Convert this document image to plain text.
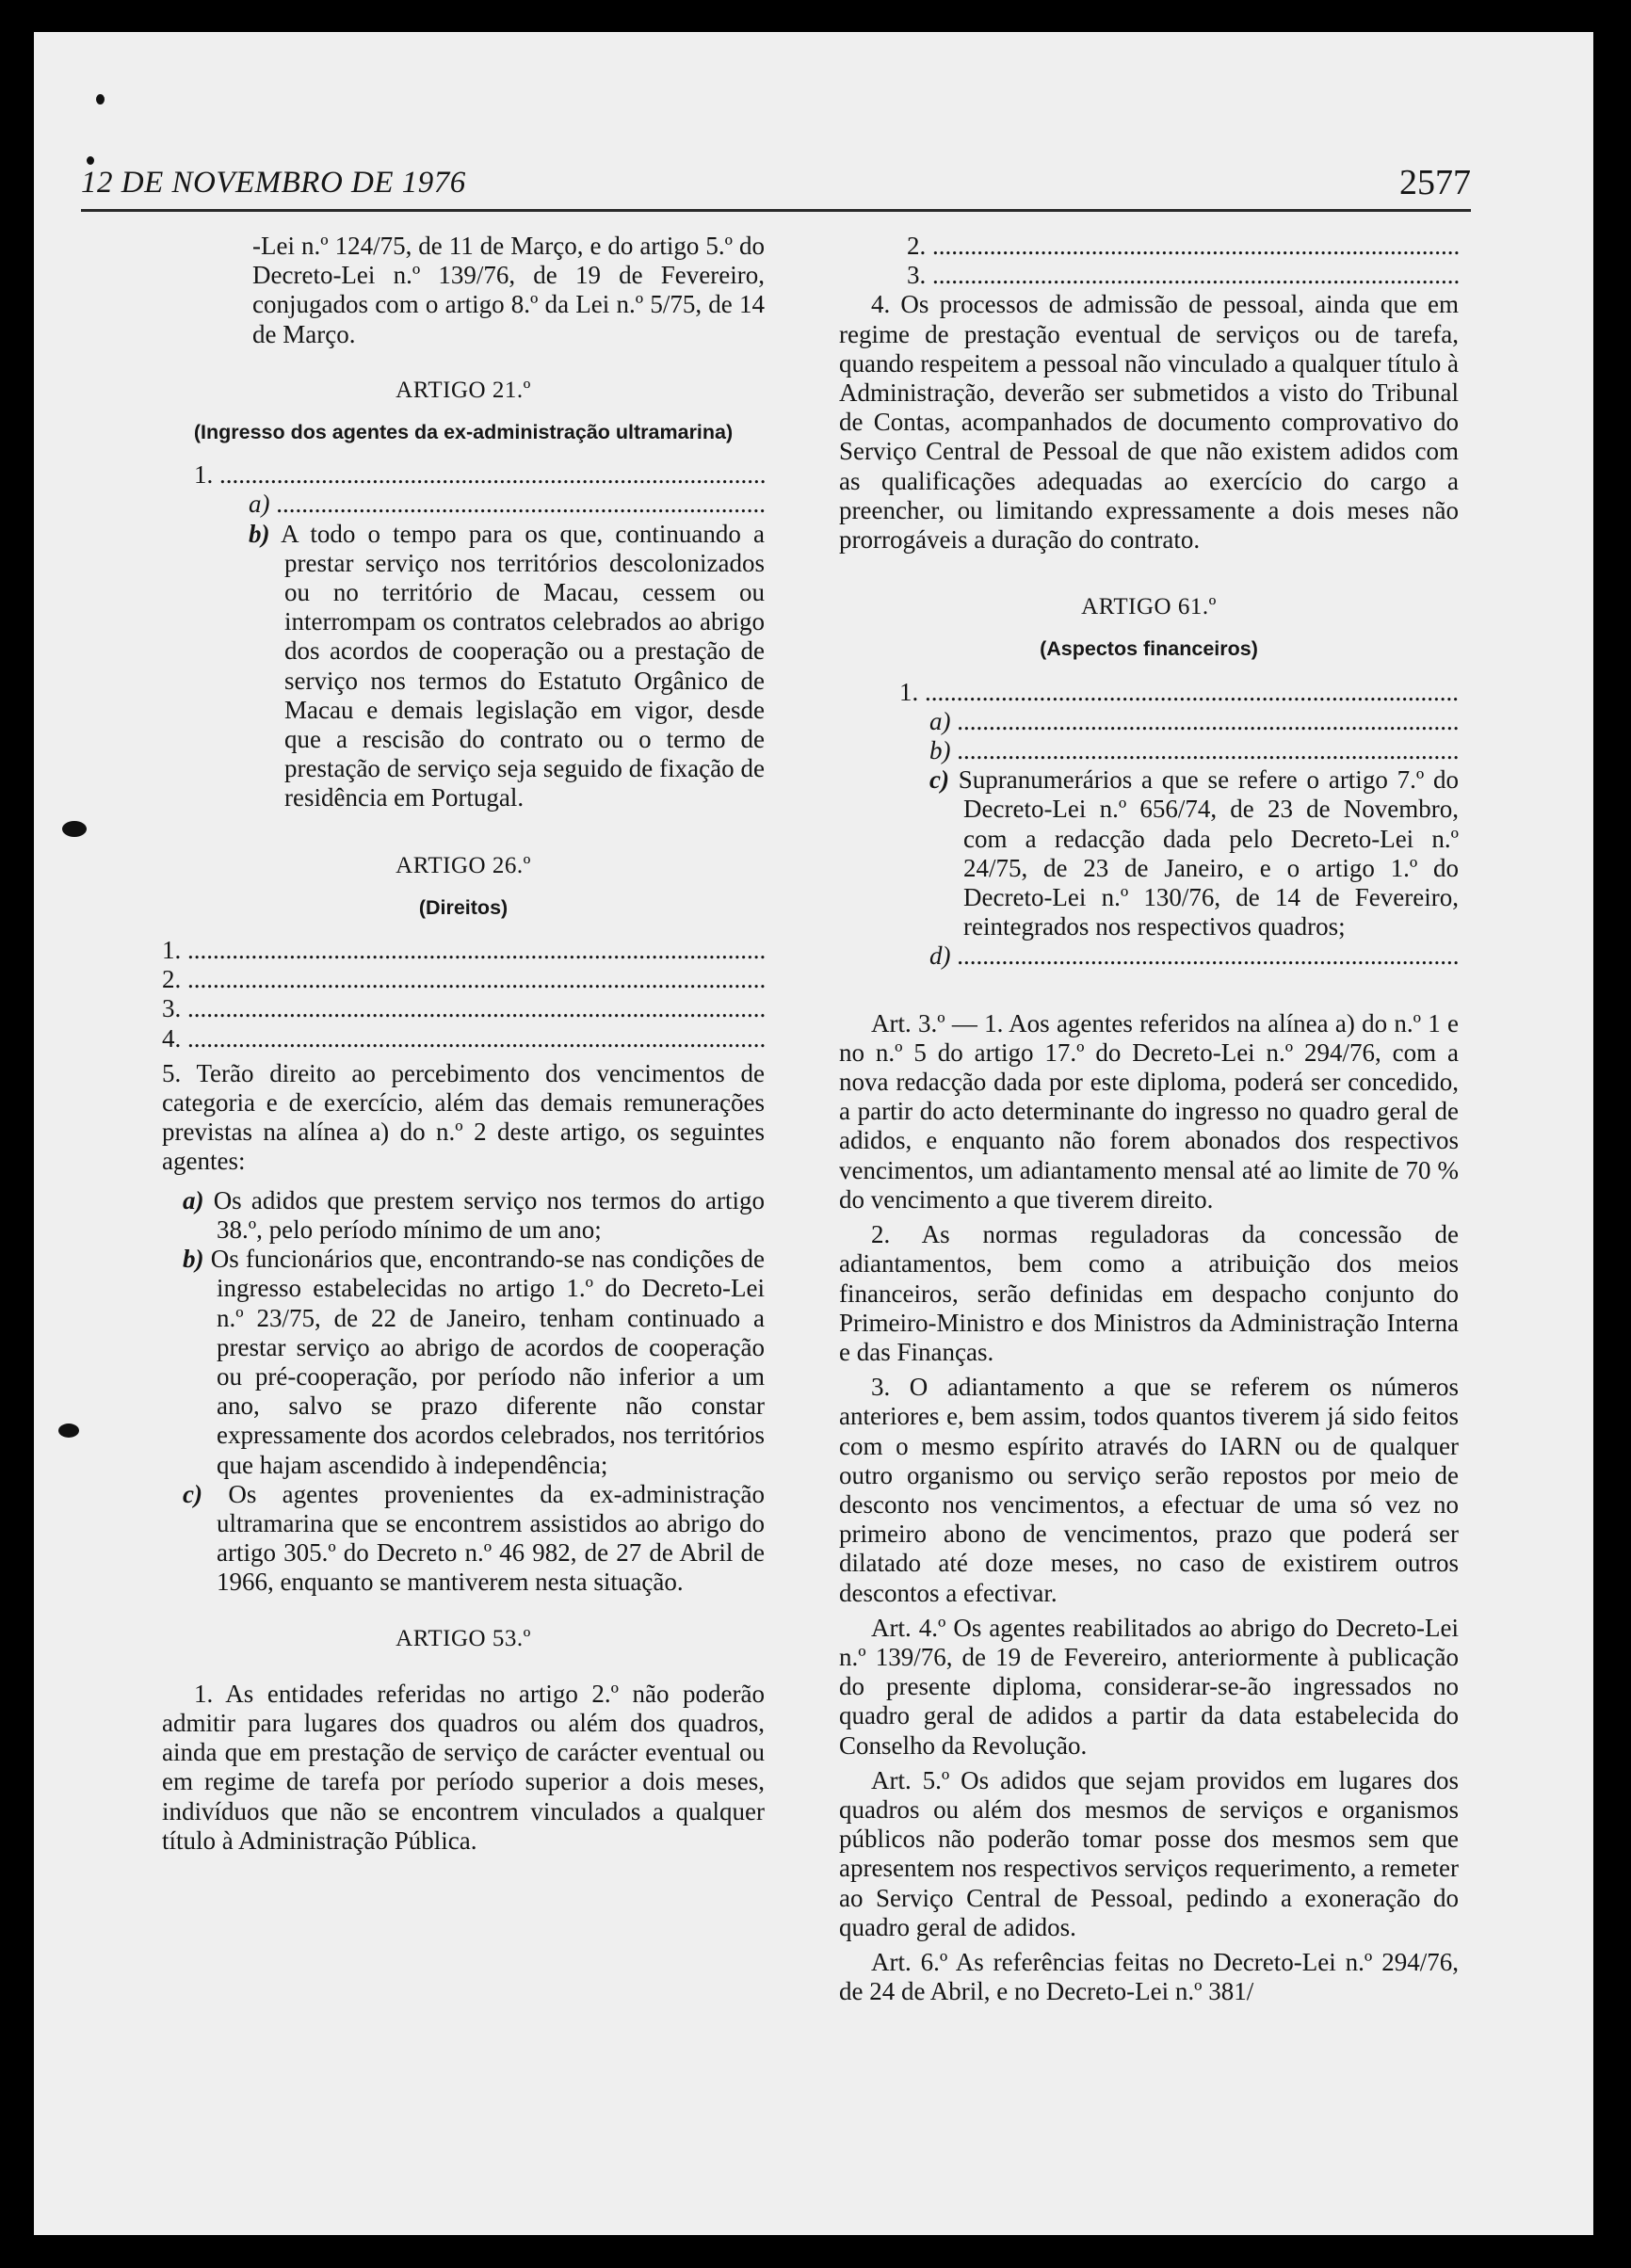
12 DE NOVEMBRO DE 1976	2577

-Lei n.º 124/75, de 11 de Março, e do artigo 5.º do Decreto-Lei n.º 139/76, de 19 de Fevereiro, conjugados com o artigo 8.º da Lei n.º 5/75, de 14 de Março.

ARTIGO 21.º

(Ingresso dos agentes da ex-administração ultramarina)

1. .....

a) .....

b) A todo o tempo para os que, continuando a prestar serviço nos territórios descolonizados ou no território de Macau, cessem ou interrompam os contratos celebrados ao abrigo dos acordos de cooperação ou a prestação de serviço nos termos do Estatuto Orgânico de Macau e demais legislação em vigor, desde que a rescisão do contrato ou o termo de prestação de serviço seja seguido de fixação de residência em Portugal.

ARTIGO 26.º

(Direitos)

1. .....

2. .....

3. .....

4. .....

5. Terão direito ao percebimento dos vencimentos de categoria e de exercício, além das demais remunerações previstas na alínea a) do n.º 2 deste artigo, os seguintes agentes:

a) Os adidos que prestem serviço nos termos do artigo 38.º, pelo período mínimo de um ano;

b) Os funcionários que, encontrando-se nas condições de ingresso estabelecidas no artigo 1.º do Decreto-Lei n.º 23/75, de 22 de Janeiro, tenham continuado a prestar serviço ao abrigo de acordos de cooperação ou pré-cooperação, por período não inferior a um ano, salvo se prazo diferente não constar expressamente dos acordos celebrados, nos territórios que hajam ascendido à independência;

c) Os agentes provenientes da ex-administração ultramarina que se encontrem assistidos ao abrigo do artigo 305.º do Decreto n.º 46 982, de 27 de Abril de 1966, enquanto se mantiverem nesta situação.

ARTIGO 53.º

1. As entidades referidas no artigo 2.º não poderão admitir para lugares dos quadros ou além dos quadros, ainda que em prestação de serviço de carácter eventual ou em regime de tarefa por período superior a dois meses, indivíduos que não se encontrem vinculados a qualquer título à Administração Pública.

2. .....

3. .....

4. Os processos de admissão de pessoal, ainda que em regime de prestação eventual de serviços ou de tarefa, quando respeitem a pessoal não vinculado a qualquer título à Administração, deverão ser submetidos a visto do Tribunal de Contas, acompanhados de documento comprovativo do Serviço Central de Pessoal de que não existem adidos com as qualificações adequadas ao exercício do cargo a preencher, ou limitando expressamente a dois meses não prorrogáveis a duração do contrato.

ARTIGO 61.º

(Aspectos financeiros)

1. .....

a) .....

b) .....

c) Supranumerários a que se refere o artigo 7.º do Decreto-Lei n.º 656/74, de 23 de Novembro, com a redacção dada pelo Decreto-Lei n.º 24/75, de 23 de Janeiro, e o artigo 1.º do Decreto-Lei n.º 130/76, de 14 de Fevereiro, reintegrados nos respectivos quadros;

d) .....

Art. 3.º — 1. Aos agentes referidos na alínea a) do n.º 1 e no n.º 5 do artigo 17.º do Decreto-Lei n.º 294/76, com a nova redacção dada por este diploma, poderá ser concedido, a partir do acto determinante do ingresso no quadro geral de adidos, e enquanto não forem abonados dos respectivos vencimentos, um adiantamento mensal até ao limite de 70 % do vencimento a que tiverem direito.

2. As normas reguladoras da concessão de adiantamentos, bem como a atribuição dos meios financeiros, serão definidas em despacho conjunto do Primeiro-Ministro e dos Ministros da Administração Interna e das Finanças.

3. O adiantamento a que se referem os números anteriores e, bem assim, todos quantos tiverem já sido feitos com o mesmo espírito através do IARN ou de qualquer outro organismo ou serviço serão repostos por meio de desconto nos vencimentos, a efectuar de uma só vez no primeiro abono de vencimentos, prazo que poderá ser dilatado até doze meses, no caso de existirem outros descontos a efectivar.

Art. 4.º Os agentes reabilitados ao abrigo do Decreto-Lei n.º 139/76, de 19 de Fevereiro, anteriormente à publicação do presente diploma, considerar-se-ão ingressados no quadro geral de adidos a partir da data estabelecida do Conselho da Revolução.

Art. 5.º Os adidos que sejam providos em lugares dos quadros ou além dos mesmos de serviços e organismos públicos não poderão tomar posse dos mesmos sem que apresentem nos respectivos serviços requerimento, a remeter ao Serviço Central de Pessoal, pedindo a exoneração do quadro geral de adidos.

Art. 6.º As referências feitas no Decreto-Lei n.º 294/76, de 24 de Abril, e no Decreto-Lei n.º 381/
